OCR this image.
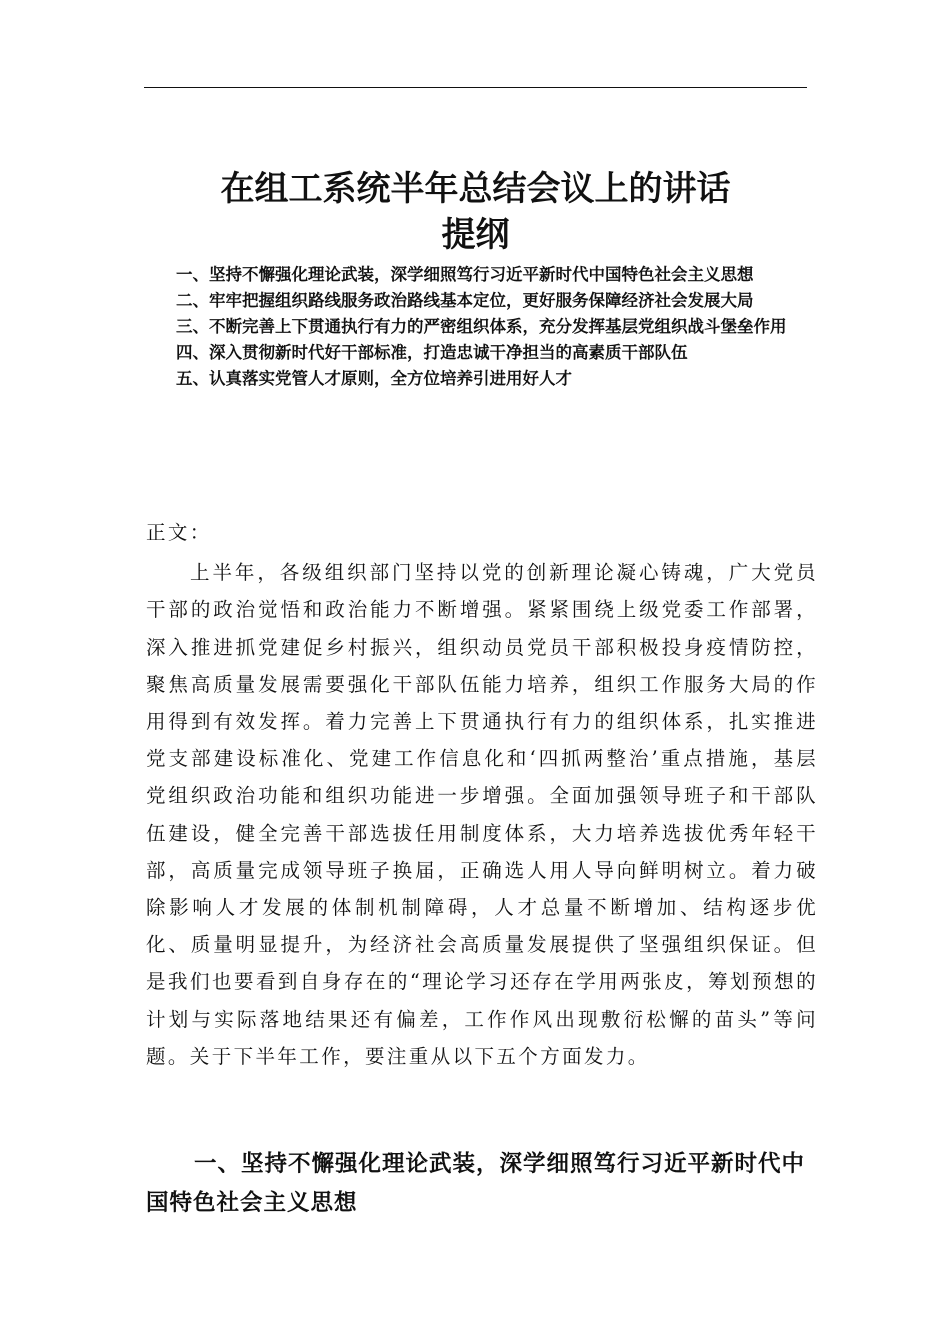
在组工系统半年总结会议上的讲话
提纲
一、坚持不懈强化理论武装，深学细照笃行习近平新时代中国特色社会主义思想
二、牢牢把握组织路线服务政治路线基本定位，更好服务保障经济社会发展大局
三、不断完善上下贯通执行有力的严密组织体系，充分发挥基层党组织战斗堡垒作用
四、深入贯彻新时代好干部标准，打造忠诚干净担当的高素质干部队伍
五、认真落实党管人才原则，全方位培养引进用好人才
正文：
上半年，各级组织部门坚持以党的创新理论凝心铸魂，广大党员干部的政治觉悟和政治能力不断增强。紧紧围绕上级党委工作部署，深入推进抓党建促乡村振兴，组织动员党员干部积极投身疫情防控，聚焦高质量发展需要强化干部队伍能力培养，组织工作服务大局的作用得到有效发挥。着力完善上下贯通执行有力的组织体系，扎实推进党支部建设标准化、党建工作信息化和‘四抓两整治’重点措施，基层党组织政治功能和组织功能进一步增强。全面加强领导班子和干部队伍建设，健全完善干部选拔任用制度体系，大力培养选拔优秀年轻干部，高质量完成领导班子换届，正确选人用人导向鲜明树立。着力破除影响人才发展的体制机制障碍，人才总量不断增加、结构逐步优化、质量明显提升，为经济社会高质量发展提供了坚强组织保证。但是我们也要看到自身存在的“理论学习还存在学用两张皮，筹划预想的计划与实际落地结果还有偏差，工作作风出现敷衍松懈的苗头”等问题。关于下半年工作，要注重从以下五个方面发力。
一、坚持不懈强化理论武装，深学细照笃行习近平新时代中国特色社会主义思想
